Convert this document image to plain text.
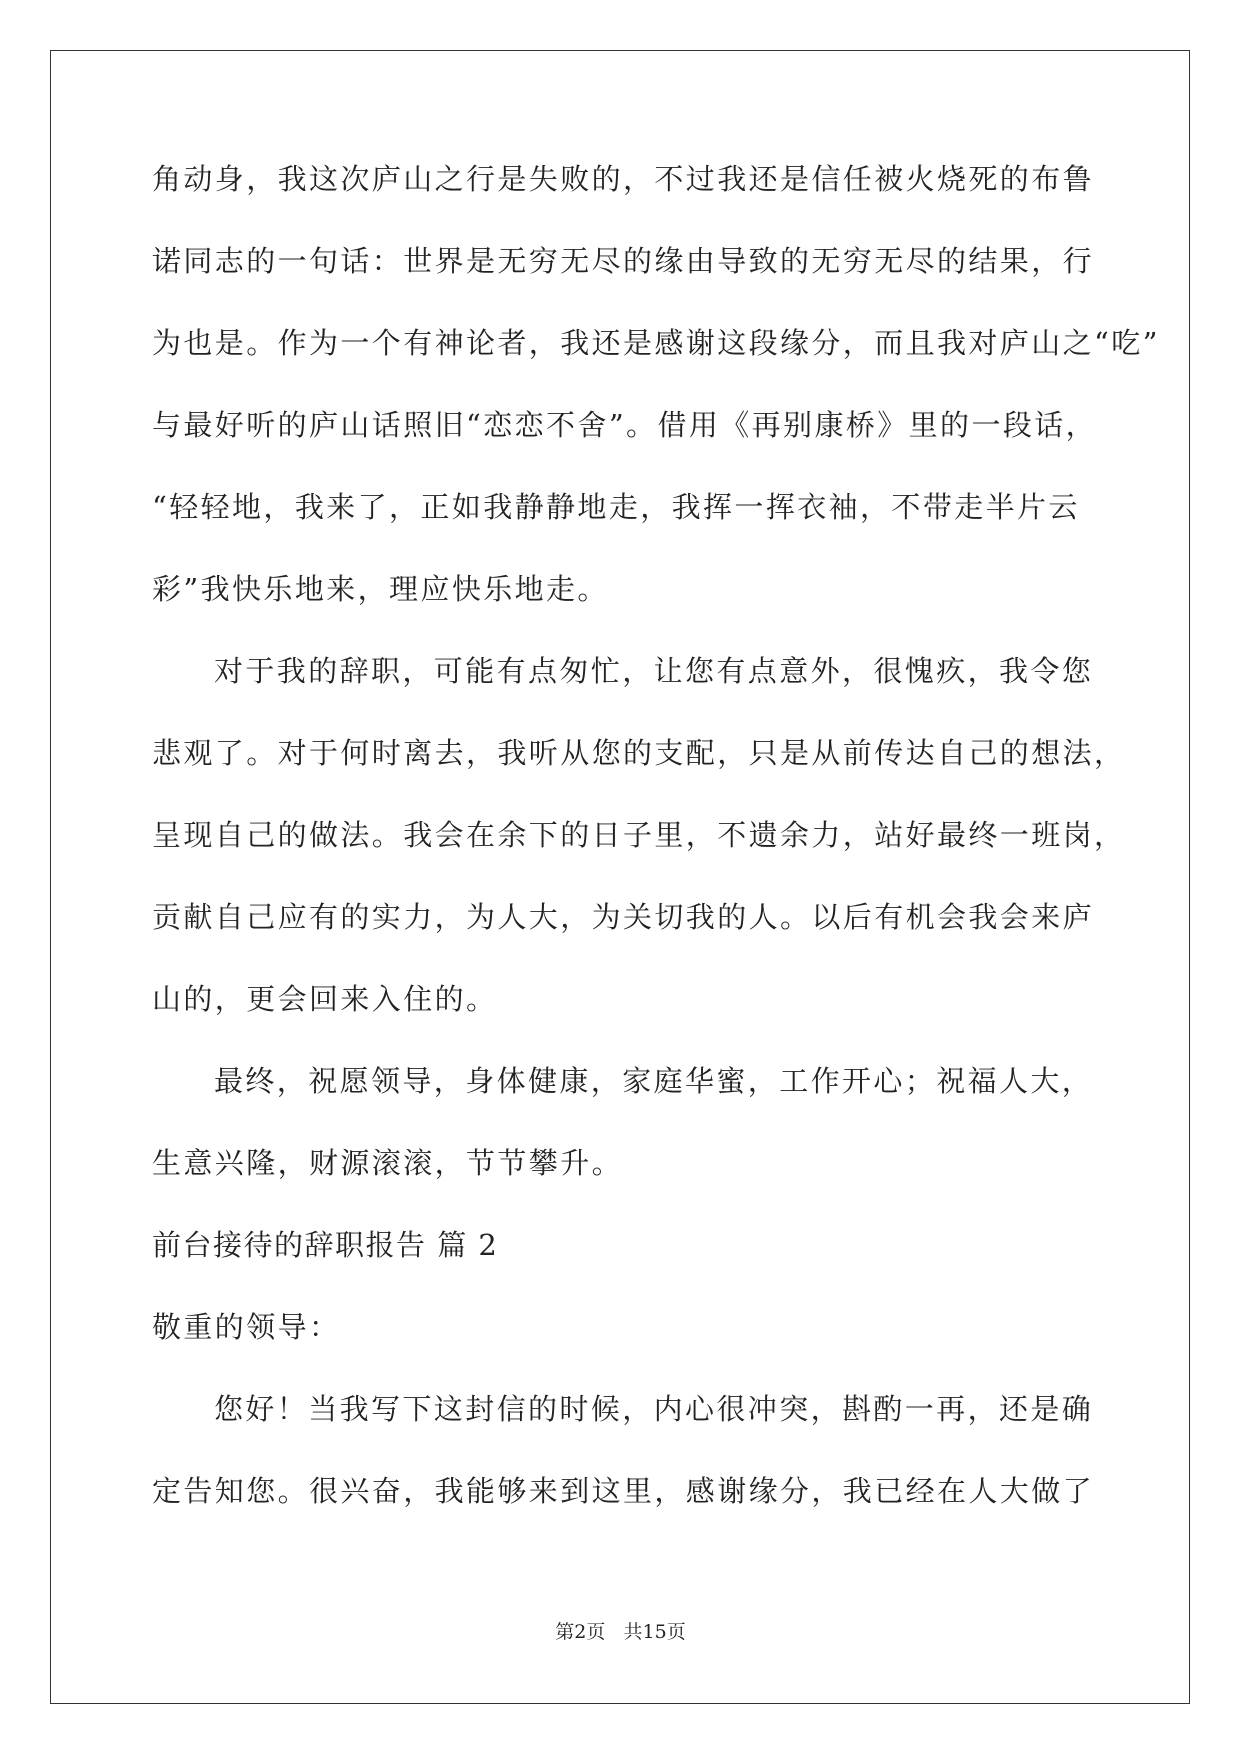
角动身，我这次庐山之行是失败的，不过我还是信任被火烧死的布鲁
诺同志的一句话：世界是无穷无尽的缘由导致的无穷无尽的结果，行
为也是。作为一个有神论者，我还是感谢这段缘分，而且我对庐山之“吃”
与最好听的庐山话照旧“恋恋不舍”。借用《再别康桥》里的一段话，
“轻轻地，我来了，正如我静静地走，我挥一挥衣袖，不带走半片云
彩”我快乐地来，理应快乐地走。
对于我的辞职，可能有点匆忙，让您有点意外，很愧疚，我令您
悲观了。对于何时离去，我听从您的支配，只是从前传达自己的想法，
呈现自己的做法。我会在余下的日子里，不遗余力，站好最终一班岗，
贡献自己应有的实力，为人大，为关切我的人。以后有机会我会来庐
山的，更会回来入住的。
最终，祝愿领导，身体健康，家庭华蜜，工作开心；祝福人大，
生意兴隆，财源滚滚，节节攀升。
前台接待的辞职报告 篇 2
敬重的领导：
您好！当我写下这封信的时候，内心很冲突，斟酌一再，还是确
定告知您。很兴奋，我能够来到这里，感谢缘分，我已经在人大做了
第2页 共15页
